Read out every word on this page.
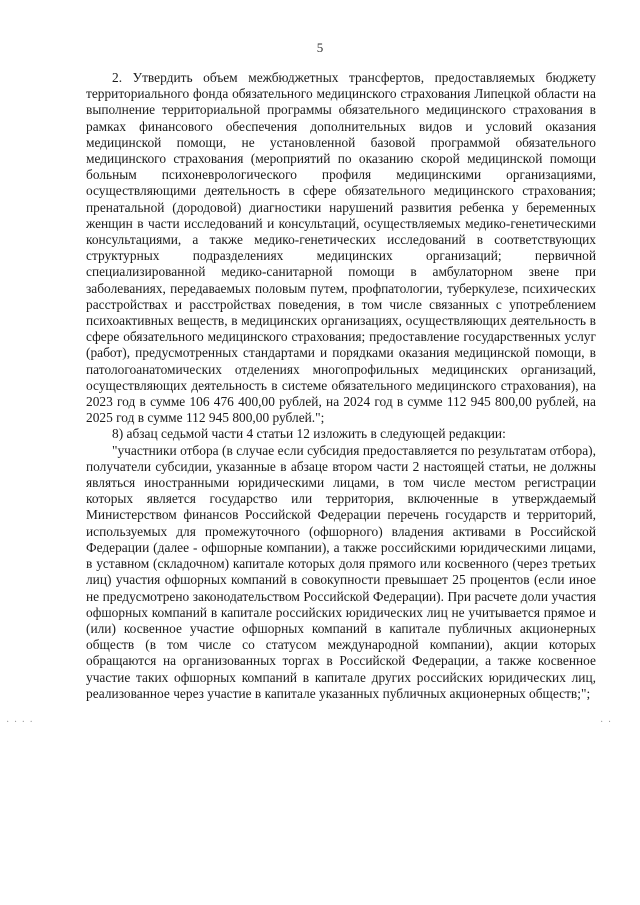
5

2. Утвердить объем межбюджетных трансфертов, предоставляемых бюджету территориального фонда обязательного медицинского страхования Липецкой области на выполнение территориальной программы обязательного медицинского страхования в рамках финансового обеспечения дополнительных видов и условий оказания медицинской помощи, не установленной базовой программой обязательного медицинского страхования (мероприятий по оказанию скорой медицинской помощи больным психоневрологического профиля медицинскими организациями, осуществляющими деятельность в сфере обязательного медицинского страхования; пренатальной (дородовой) диагностики нарушений развития ребенка у беременных женщин в части исследований и консультаций, осуществляемых медико-генетическими консультациями, а также медико-генетических исследований в соответствующих структурных подразделениях медицинских организаций; первичной специализированной медико-санитарной помощи в амбулаторном звене при заболеваниях, передаваемых половым путем, профпатологии, туберкулезе, психических расстройствах и расстройствах поведения, в том числе связанных с употреблением психоактивных веществ, в медицинских организациях, осуществляющих деятельность в сфере обязательного медицинского страхования; предоставление государственных услуг (работ), предусмотренных стандартами и порядками оказания медицинской помощи, в патологоанатомических отделениях многопрофильных медицинских организаций, осуществляющих деятельность в системе обязательного медицинского страхования), на 2023 год в сумме 106 476 400,00 рублей, на 2024 год в сумме 112 945 800,00 рублей, на 2025 год в сумме 112 945 800,00 рублей.";

8) абзац седьмой части 4 статьи 12 изложить в следующей редакции:

"участники отбора (в случае если субсидия предоставляется по результатам отбора), получатели субсидии, указанные в абзаце втором части 2 настоящей статьи, не должны являться иностранными юридическими лицами, в том числе местом регистрации которых является государство или территория, включенные в утверждаемый Министерством финансов Российской Федерации перечень государств и территорий, используемых для промежуточного (офшорного) владения активами в Российской Федерации (далее - офшорные компании), а также российскими юридическими лицами, в уставном (складочном) капитале которых доля прямого или косвенного (через третьих лиц) участия офшорных компаний в совокупности превышает 25 процентов (если иное не предусмотрено законодательством Российской Федерации). При расчете доли участия офшорных компаний в капитале российских юридических лиц не учитывается прямое и (или) косвенное участие офшорных компаний в капитале публичных акционерных обществ (в том числе со статусом международной компании), акции которых обращаются на организованных торгах в Российской Федерации, а также косвенное участие таких офшорных компаний в капитале других российских юридических лиц, реализованное через участие в капитале указанных публичных акционерных обществ;";

· · · ·	· ·
